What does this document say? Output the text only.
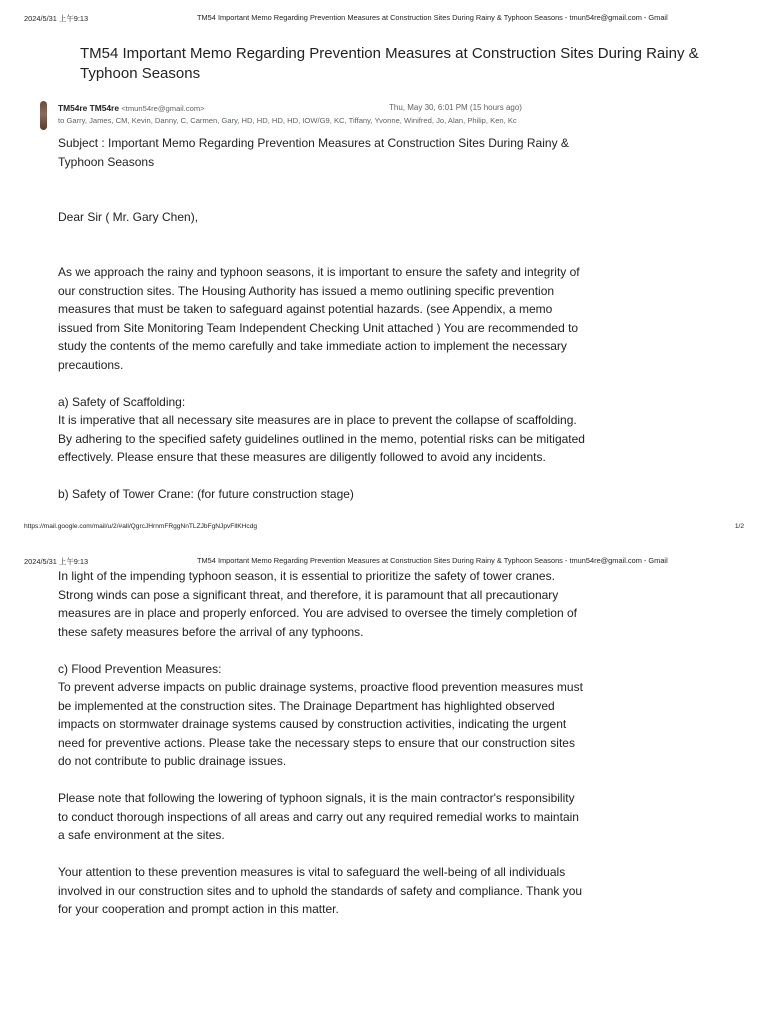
2024/5/31 上午9:13	TM54 Important Memo Regarding Prevention Measures at Construction Sites During Rainy & Typhoon Seasons - tmun54re@gmail.com - Gmail
TM54 Important Memo Regarding Prevention Measures at Construction Sites During Rainy & Typhoon Seasons
TM54re TM54re <tmun54re@gmail.com>	Thu, May 30, 6:01 PM (15 hours ago)
to Garry, James, CM, Kevin, Danny, C, Carmen, Gary, HD, HD, HD, HD, IOW/G9, KC, Tiffany, Yvonne, Winifred, Jo, Alan, Philip, Ken, Kc
Subject : Important Memo Regarding Prevention Measures at Construction Sites During Rainy &
Typhoon Seasons
Dear Sir ( Mr. Gary Chen),
As we approach the rainy and typhoon seasons, it is important to ensure the safety and integrity of
our construction sites. The Housing Authority has issued a memo outlining specific prevention
measures that must be taken to safeguard against potential hazards. (see Appendix, a memo
issued from Site Monitoring Team Independent Checking Unit attached ) You are recommended to
study the contents of the memo carefully and take immediate action to implement the necessary
precautions.
a) Safety of Scaffolding:
It is imperative that all necessary site measures are in place to prevent the collapse of scaffolding.
By adhering to the specified safety guidelines outlined in the memo, potential risks can be mitigated
effectively. Please ensure that these measures are diligently followed to avoid any incidents.
b) Safety of Tower Crane: (for future construction stage)
https://mail.google.com/mail/u/2/#all/QgrcJHrnmFRggNnTLZJbFgNJpvFllKHcdg	1/2
2024/5/31 上午9:13	TM54 Important Memo Regarding Prevention Measures at Construction Sites During Rainy & Typhoon Seasons - tmun54re@gmail.com - Gmail
In light of the impending typhoon season, it is essential to prioritize the safety of tower cranes.
Strong winds can pose a significant threat, and therefore, it is paramount that all precautionary
measures are in place and properly enforced. You are advised to oversee the timely completion of
these safety measures before the arrival of any typhoons.
c) Flood Prevention Measures:
To prevent adverse impacts on public drainage systems, proactive flood prevention measures must
be implemented at the construction sites. The Drainage Department has highlighted observed
impacts on stormwater drainage systems caused by construction activities, indicating the urgent
need for preventive actions. Please take the necessary steps to ensure that our construction sites
do not contribute to public drainage issues.
Please note that following the lowering of typhoon signals, it is the main contractor's responsibility
to conduct thorough inspections of all areas and carry out any required remedial works to maintain
a safe environment at the sites.
Your attention to these prevention measures is vital to safeguard the well-being of all individuals
involved in our construction sites and to uphold the standards of safety and compliance. Thank you
for your cooperation and prompt action in this matter.
